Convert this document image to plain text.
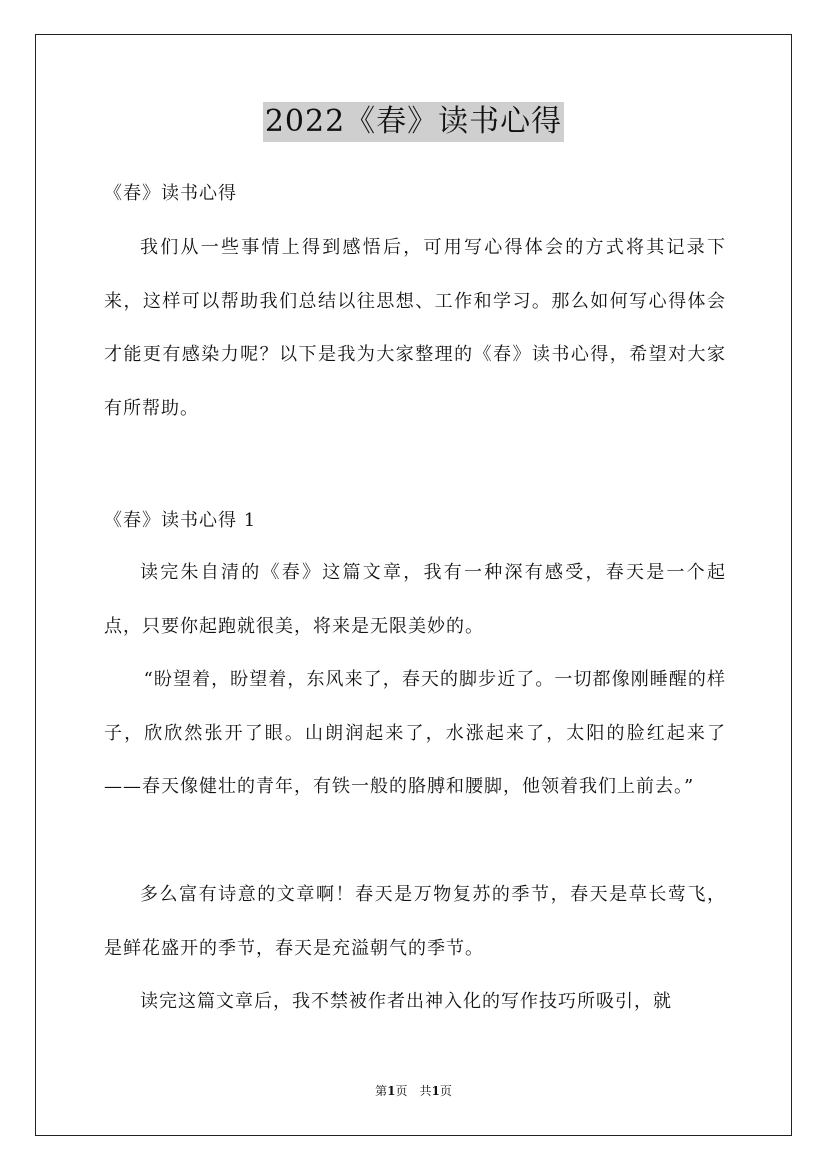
2022《春》读书心得
《春》读书心得

我们从一些事情上得到感悟后，可用写心得体会的方式将其记录下来，这样可以帮助我们总结以往思想、工作和学习。那么如何写心得体会才能更有感染力呢？以下是我为大家整理的《春》读书心得，希望对大家有所帮助。

《春》读书心得 1

读完朱自清的《春》这篇文章，我有一种深有感受，春天是一个起点，只要你起跑就很美，将来是无限美妙的。

“盼望着，盼望着，东风来了，春天的脚步近了。一切都像刚睡醒的样子，欣欣然张开了眼。山朗润起来了，水涨起来了，太阳的脸红起来了——春天像健壮的青年，有铁一般的胳膊和腰脚，他领着我们上前去。”

多么富有诗意的文章啊！春天是万物复苏的季节，春天是草长莺飞，是鲜花盛开的季节，春天是充溢朝气的季节。

读完这篇文章后，我不禁被作者出神入化的写作技巧所吸引，就

第1页　共1页
